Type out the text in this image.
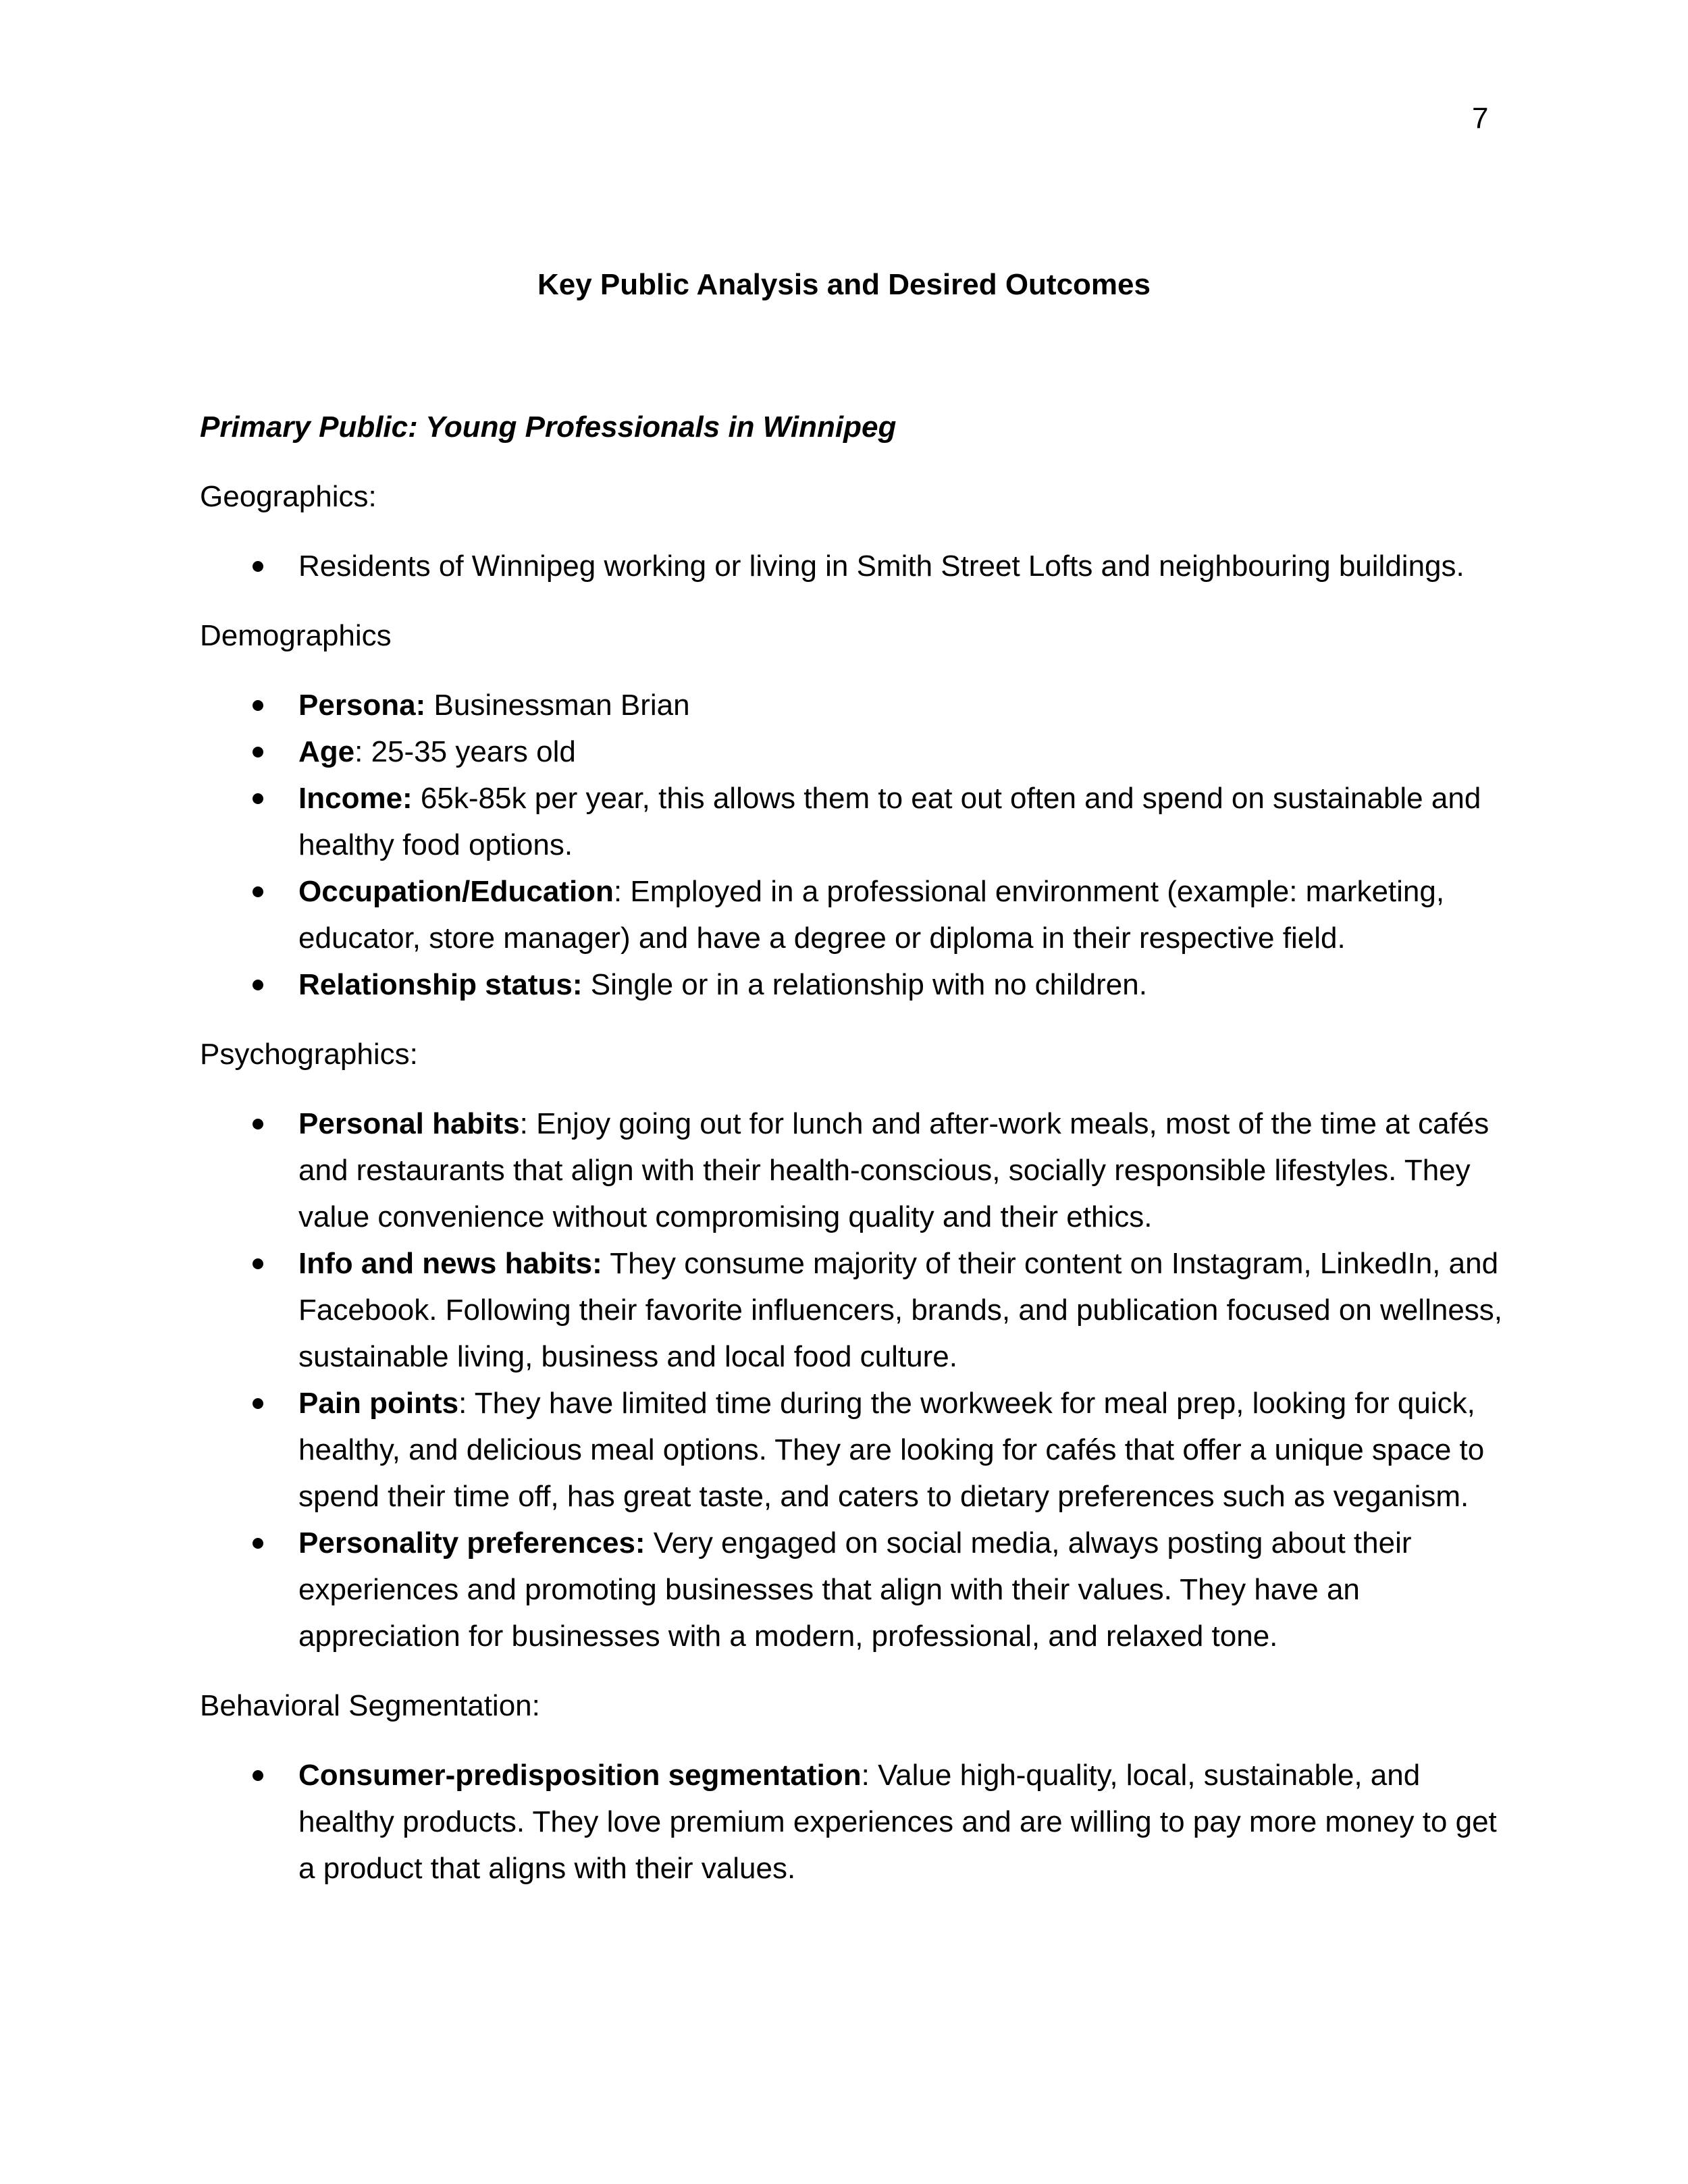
7
Key Public Analysis and Desired Outcomes
Primary Public: Young Professionals in Winnipeg
Geographics:
Residents of Winnipeg working or living in Smith Street Lofts and neighbouring buildings.
Demographics
Persona: Businessman Brian
Age: 25-35 years old
Income: 65k-85k per year, this allows them to eat out often and spend on sustainable and healthy food options.
Occupation/Education: Employed in a professional environment (example: marketing, educator, store manager) and have a degree or diploma in their respective field.
Relationship status: Single or in a relationship with no children.
Psychographics:
Personal habits: Enjoy going out for lunch and after-work meals, most of the time at cafés and restaurants that align with their health-conscious, socially responsible lifestyles. They value convenience without compromising quality and their ethics.
Info and news habits: They consume majority of their content on Instagram, LinkedIn, and Facebook. Following their favorite influencers, brands, and publication focused on wellness, sustainable living, business and local food culture.
Pain points: They have limited time during the workweek for meal prep, looking for quick, healthy, and delicious meal options. They are looking for cafés that offer a unique space to spend their time off, has great taste, and caters to dietary preferences such as veganism.
Personality preferences: Very engaged on social media, always posting about their experiences and promoting businesses that align with their values. They have an appreciation for businesses with a modern, professional, and relaxed tone.
Behavioral Segmentation:
Consumer-predisposition segmentation: Value high-quality, local, sustainable, and healthy products. They love premium experiences and are willing to pay more money to get a product that aligns with their values.
